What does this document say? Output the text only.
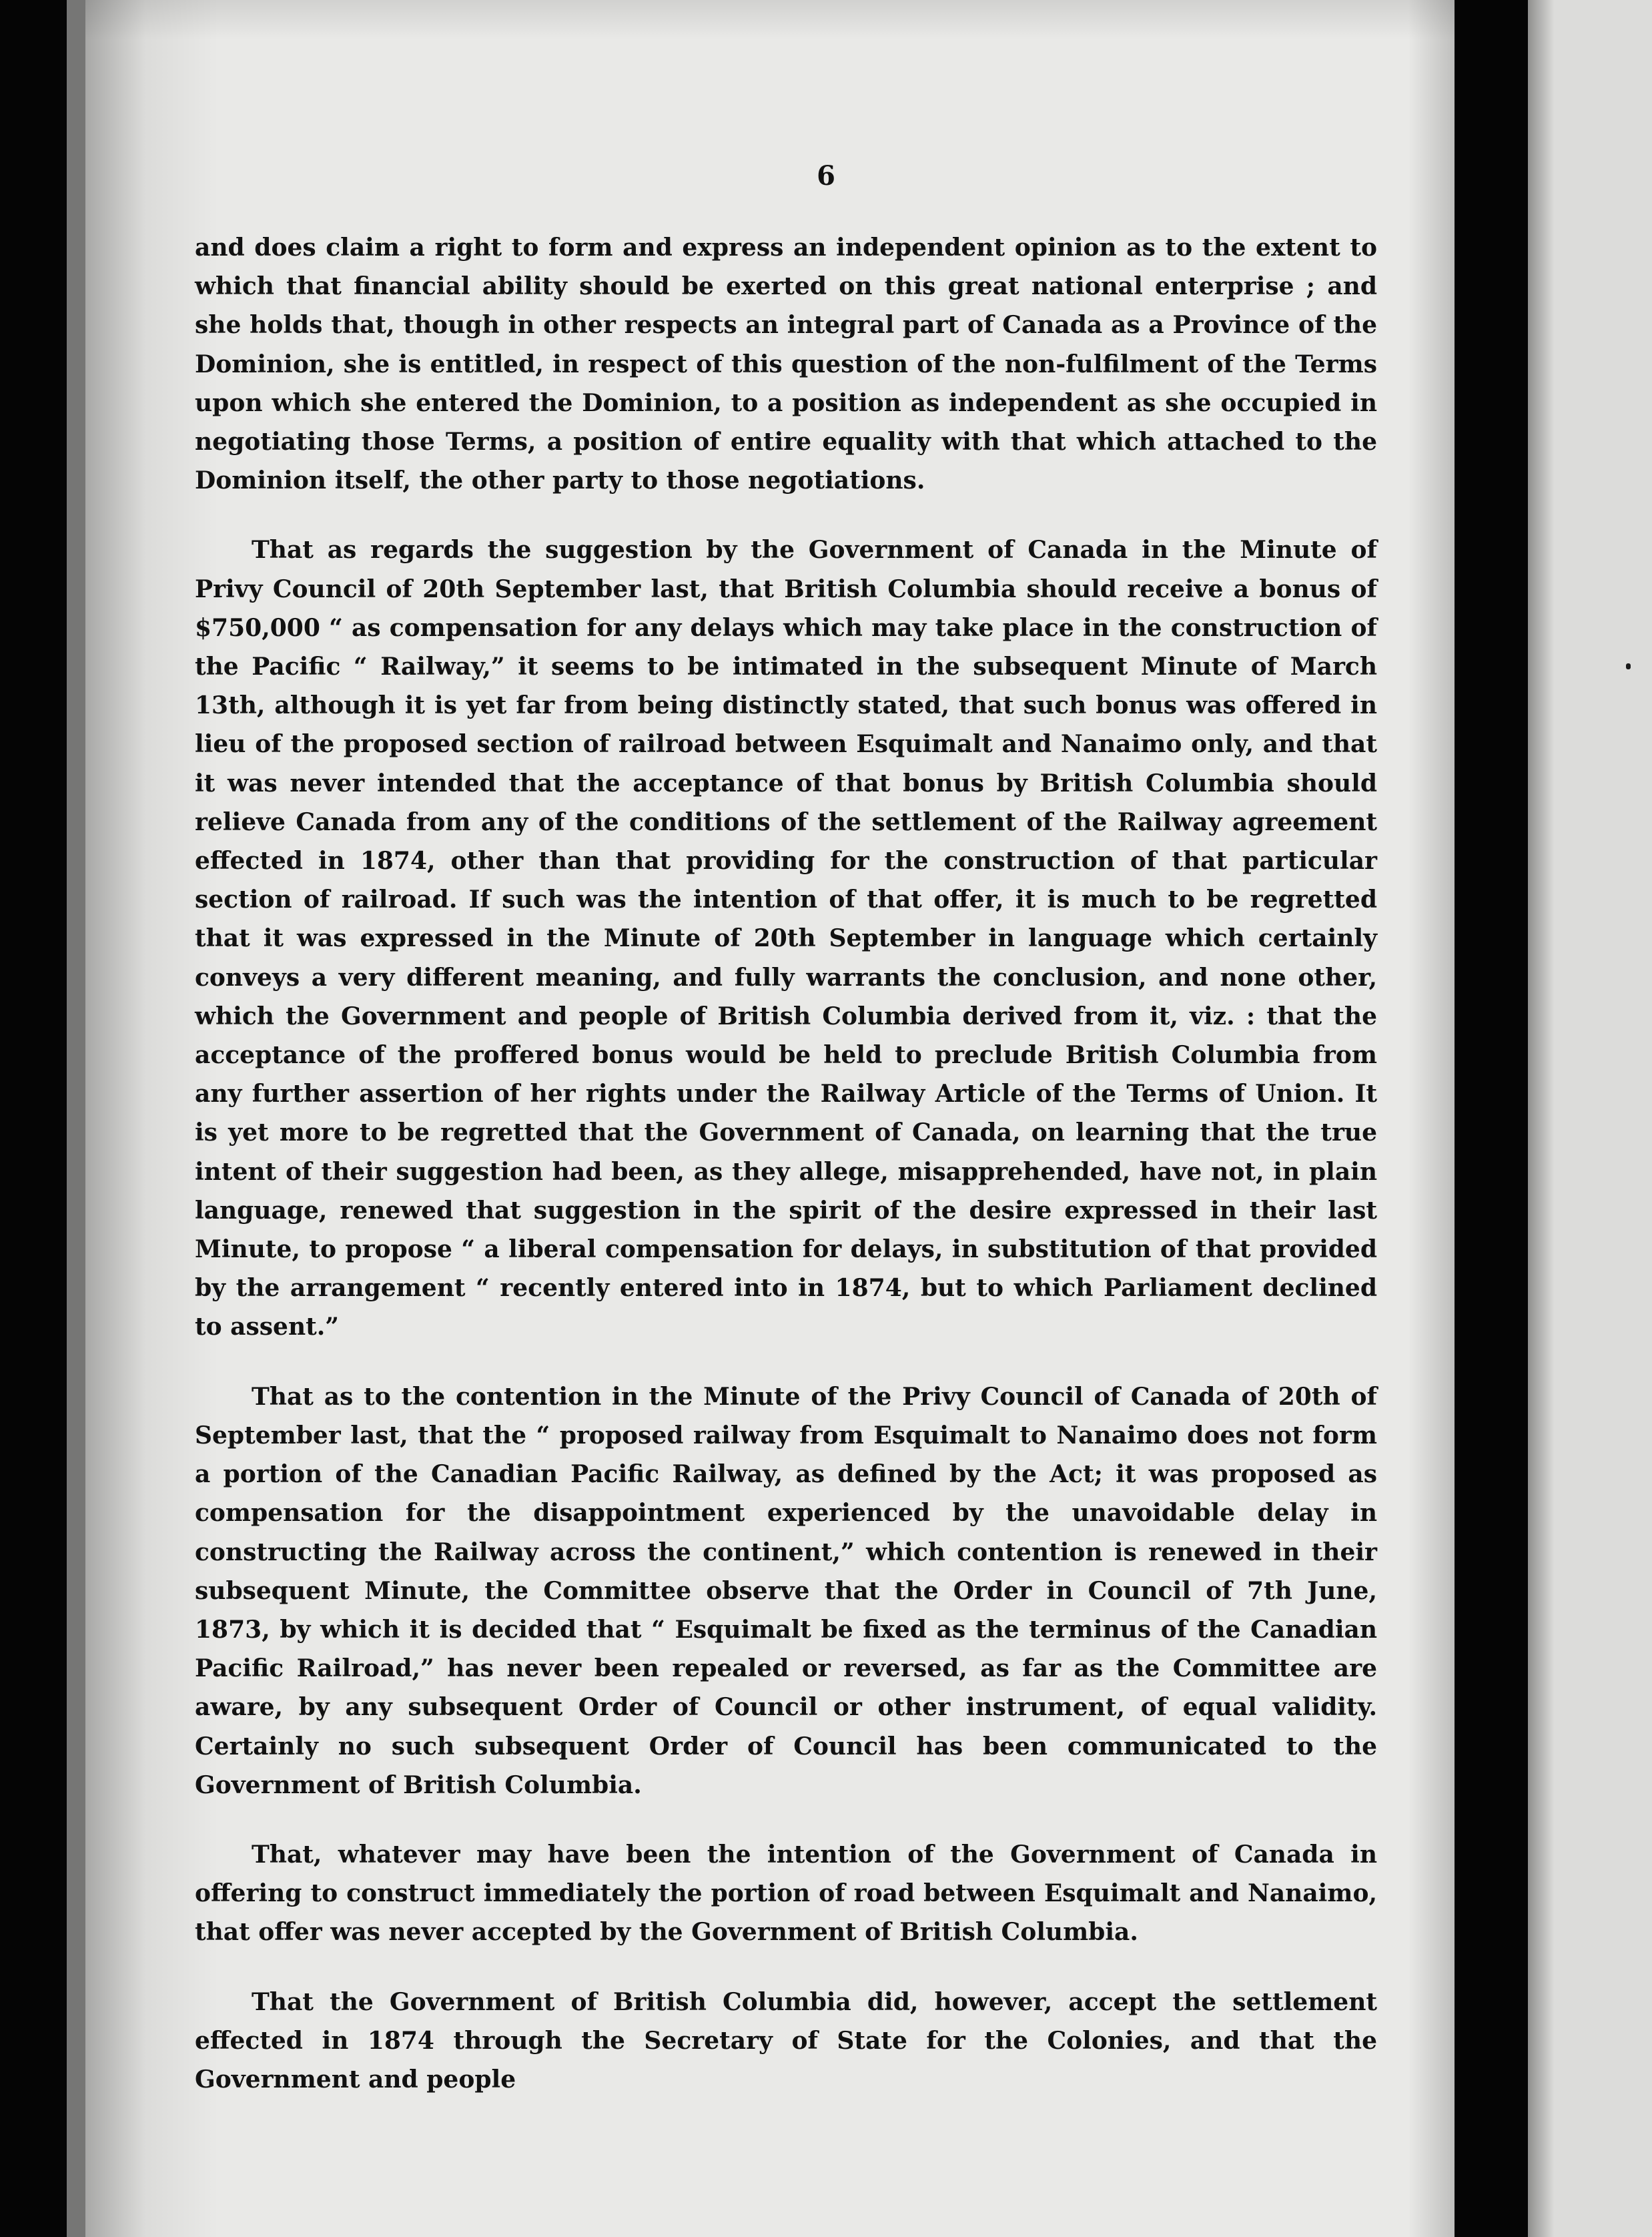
6

and does claim a right to form and express an independent opinion as to the extent to which that financial ability should be exerted on this great national enterprise ; and she holds that, though in other respects an integral part of Canada as a Province of the Dominion, she is entitled, in respect of this question of the non-fulfilment of the Terms upon which she entered the Dominion, to a position as independent as she occupied in negotiating those Terms, a position of entire equality with that which attached to the Dominion itself, the other party to those negotiations.

That as regards the suggestion by the Government of Canada in the Minute of Privy Council of 20th September last, that British Columbia should receive a bonus of $750,000 “ as compensation for any delays which may take place in the construction of the Pacific “ Railway,” it seems to be intimated in the subsequent Minute of March 13th, although it is yet far from being distinctly stated, that such bonus was offered in lieu of the proposed section of railroad between Esquimalt and Nanaimo only, and that it was never intended that the acceptance of that bonus by British Columbia should relieve Canada from any of the conditions of the settlement of the Railway agreement effected in 1874, other than that providing for the construction of that particular section of railroad. If such was the intention of that offer, it is much to be regretted that it was expressed in the Minute of 20th September in language which certainly conveys a very different meaning, and fully warrants the conclusion, and none other, which the Government and people of British Columbia derived from it, viz. : that the acceptance of the proffered bonus would be held to preclude British Columbia from any further assertion of her rights under the Railway Article of the Terms of Union. It is yet more to be regretted that the Government of Canada, on learning that the true intent of their suggestion had been, as they allege, misapprehended, have not, in plain language, renewed that suggestion in the spirit of the desire expressed in their last Minute, to propose “ a liberal compensation for delays, in substitution of that provided by the arrangement “ recently entered into in 1874, but to which Parliament declined to assent.”

That as to the contention in the Minute of the Privy Council of Canada of 20th of September last, that the “ proposed railway from Esquimalt to Nanaimo does not form a portion of the Canadian Pacific Railway, as defined by the Act; it was proposed as compensation for the disappointment experienced by the unavoidable delay in constructing the Railway across the continent,” which contention is renewed in their subsequent Minute, the Committee observe that the Order in Council of 7th June, 1873, by which it is decided that “ Esquimalt be fixed as the terminus of the Canadian Pacific Railroad,” has never been repealed or reversed, as far as the Committee are aware, by any subsequent Order of Council or other instrument, of equal validity. Certainly no such subsequent Order of Council has been communicated to the Government of British Columbia.

That, whatever may have been the intention of the Government of Canada in offering to construct immediately the portion of road between Esquimalt and Nanaimo, that offer was never accepted by the Government of British Columbia.

That the Government of British Columbia did, however, accept the settlement effected in 1874 through the Secretary of State for the Colonies, and that the Government and people
